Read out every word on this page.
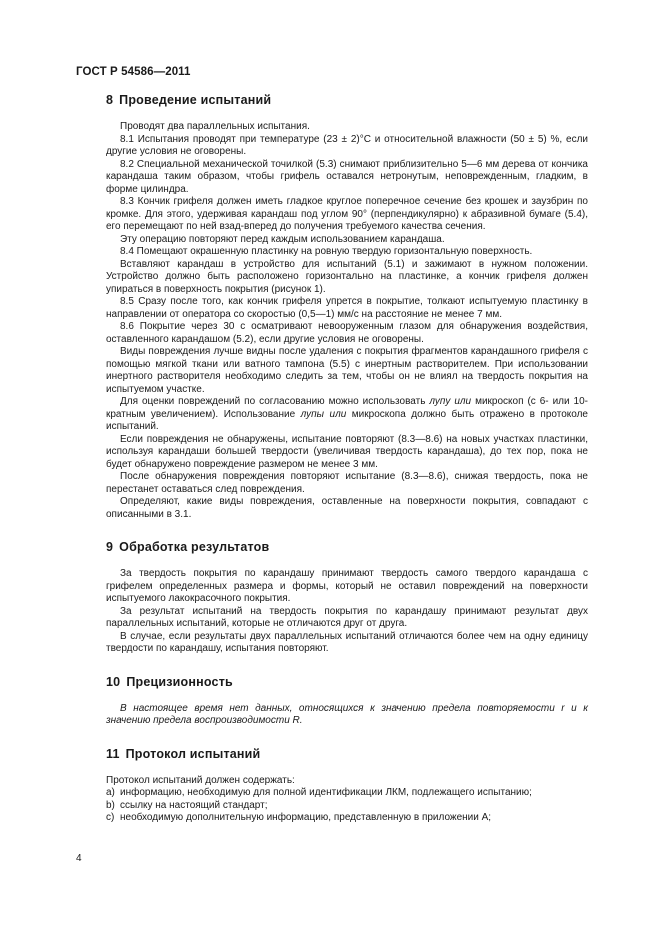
ГОСТ Р 54586—2011
8 Проведение испытаний

Проводят два параллельных испытания.

8.1 Испытания проводят при температуре (23 ± 2)°С и относительной влажности (50 ± 5) %, если другие условия не оговорены.

8.2 Специальной механической точилкой (5.3) снимают приблизительно 5—6 мм дерева от кончика карандаша таким образом, чтобы грифель оставался нетронутым, неповрежденным, гладким, в форме цилиндра.

8.3 Кончик грифеля должен иметь гладкое круглое поперечное сечение без крошек и заузбрин по кромке. Для этого, удерживая карандаш под углом 90° (перпендикулярно) к абразивной бумаге (5.4), его перемещают по ней взад-вперед до получения требуемого качества сечения.

Эту операцию повторяют перед каждым использованием карандаша.

8.4 Помещают окрашенную пластинку на ровную твердую горизонтальную поверхность.

Вставляют карандаш в устройство для испытаний (5.1) и зажимают в нужном положении. Устройство должно быть расположено горизонтально на пластинке, а кончик грифеля должен упираться в поверхность покрытия (рисунок 1).

8.5 Сразу после того, как кончик грифеля упрется в покрытие, толкают испытуемую пластинку в направлении от оператора со скоростью (0,5—1) мм/с на расстояние не менее 7 мм.

8.6 Покрытие через 30 с осматривают невооруженным глазом для обнаружения воздействия, оставленного карандашом (5.2), если другие условия не оговорены.

Виды повреждения лучше видны после удаления с покрытия фрагментов карандашного грифеля с помощью мягкой ткани или ватного тампона (5.5) с инертным растворителем. При использовании инертного растворителя необходимо следить за тем, чтобы он не влиял на твердость покрытия на испытуемом участке.

Для оценки повреждений по согласованию можно использовать лупу или микроскоп (с 6- или 10-кратным увеличением). Использование лупы или микроскопа должно быть отражено в протоколе испытаний.

Если повреждения не обнаружены, испытание повторяют (8.3—8.6) на новых участках пластинки, используя карандаши большей твердости (увеличивая твердость карандаша), до тех пор, пока не будет обнаружено повреждение размером не менее 3 мм.

После обнаружения повреждения повторяют испытание (8.3—8.6), снижая твердость, пока не перестанет оставаться след повреждения.

Определяют, какие виды повреждения, оставленные на поверхности покрытия, совпадают с описанными в 3.1.

9 Обработка результатов

За твердость покрытия по карандашу принимают твердость самого твердого карандаша с грифелем определенных размера и формы, который не оставил повреждений на поверхности испытуемого лакокрасочного покрытия.

За результат испытаний на твердость покрытия по карандашу принимают результат двух параллельных испытаний, которые не отличаются друг от друга.

В случае, если результаты двух параллельных испытаний отличаются более чем на одну единицу твердости по карандашу, испытания повторяют.

10 Прецизионность

В настоящее время нет данных, относящихся к значению предела повторяемости r и к значению предела воспроизводимости R.

11 Протокол испытаний

Протокол испытаний должен содержать:

а) информацию, необходимую для полной идентификации ЛКМ, подлежащего испытанию;
b) ссылку на настоящий стандарт;
с) необходимую дополнительную информацию, представленную в приложении А;
4
